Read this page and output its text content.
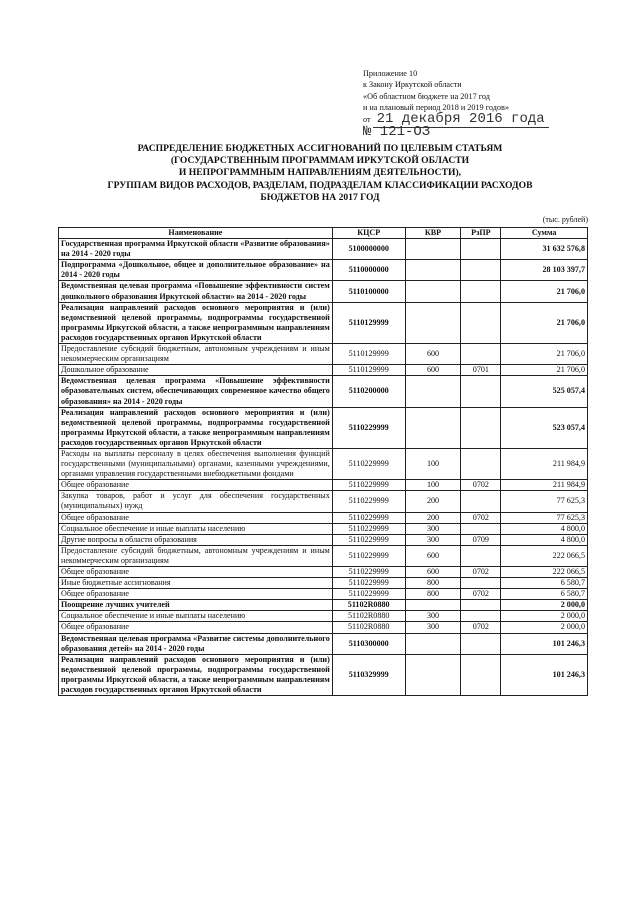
Приложение 10
к Закону Иркутской области
«Об областном бюджете на 2017 год
и на плановый период 2018 и 2019 годов»
от 21 декабря 2016 года
№ 121-ОЗ
РАСПРЕДЕЛЕНИЕ БЮДЖЕТНЫХ АССИГНОВАНИЙ ПО ЦЕЛЕВЫМ СТАТЬЯМ
(ГОСУДАРСТВЕННЫМ ПРОГРАММАМ ИРКУТСКОЙ ОБЛАСТИ
И НЕПРОГРАММНЫМ НАПРАВЛЕНИЯМ ДЕЯТЕЛЬНОСТИ),
ГРУППАМ ВИДОВ РАСХОДОВ, РАЗДЕЛАМ, ПОДРАЗДЕЛАМ КЛАССИФИКАЦИИ РАСХОДОВ
БЮДЖЕТОВ НА 2017 ГОД
(тыс. рублей)
Наименование	КЦСР	КВР	РзПР	Сумма
Государственная программа Иркутской области «Развитие образования» на 2014 - 2020 годы	5100000000			31 632 576,8
Подпрограмма «Дошкольное, общее и дополнительное образование» на 2014 - 2020 годы	5110000000			28 103 397,7
Ведомственная целевая программа «Повышение эффективности систем дошкольного образования Иркутской области» на 2014 - 2020 годы	5110100000			21 706,0
Реализация направлений расходов основного мероприятия и (или) ведомственной целевой программы, подпрограммы государственной программы Иркутской области, а также непрограммным направлениям расходов государственных органов Иркутской области	5110129999			21 706,0
Предоставление субсидий бюджетным, автономным учреждениям и иным некоммерческим организациям	5110129999	600		21 706,0
Дошкольное образование	5110129999	600	0701	21 706,0
Ведомственная целевая программа «Повышение эффективности образовательных систем, обеспечивающих современное качество общего образования» на 2014 - 2020 годы	5110200000			525 057,4
Реализация направлений расходов основного мероприятия и (или) ведомственной целевой программы, подпрограммы государственной программы Иркутской области, а также непрограммным направлениям расходов государственных органов Иркутской области	5110229999			523 057,4
Расходы на выплаты персоналу в целях обеспечения выполнения функций государственными (муниципальными) органами, казенными учреждениями, органами управления государственными внебюджетными фондами	5110229999	100		211 984,9
Общее образование	5110229999	100	0702	211 984,9
Закупка товаров, работ и услуг для обеспечения государственных (муниципальных) нужд	5110229999	200		77 625,3
Общее образование	5110229999	200	0702	77 625,3
Социальное обеспечение и иные выплаты населению	5110229999	300		4 800,0
Другие вопросы в области образования	5110229999	300	0709	4 800,0
Предоставление субсидий бюджетным, автономным учреждениям и иным некоммерческим организациям	5110229999	600		222 066,5
Общее образование	5110229999	600	0702	222 066,5
Иные бюджетные ассигнования	5110229999	800		6 580,7
Общее образование	5110229999	800	0702	6 580,7
Поощрение лучших учителей	51102R0880			2 000,0
Социальное обеспечение и иные выплаты населению	51102R0880	300		2 000,0
Общее образование	51102R0880	300	0702	2 000,0
Ведомственная целевая программа «Развитие системы дополнительного образования детей» на 2014 - 2020 годы	5110300000			101 246,3
Реализация направлений расходов основного мероприятия и (или) ведомственной целевой программы, подпрограммы государственной программы Иркутской области, а также непрограммным направлениям расходов государственных органов Иркутской области	5110329999			101 246,3
